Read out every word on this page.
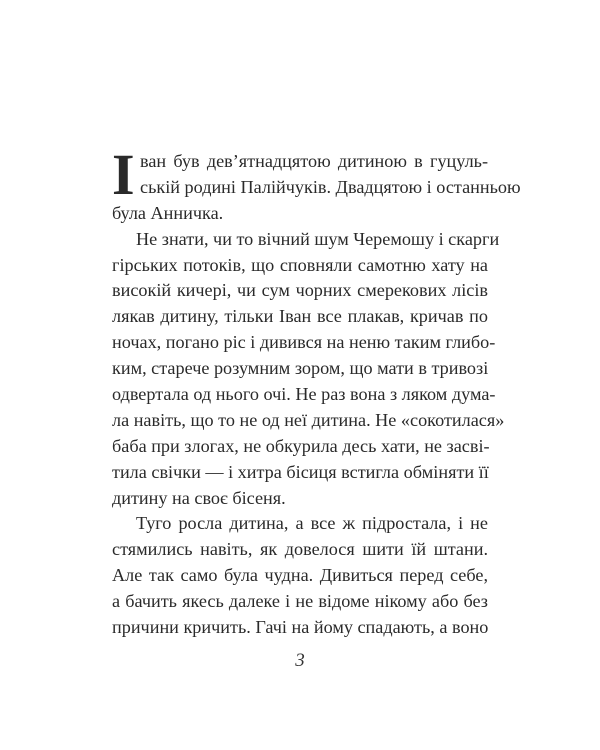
І ван був дев’ятнадцятою дитиною в гуцуль-
ській родині Палійчуків. Двадцятою і останньою
була Анничка.
Не знати, чи то вічний шум Черемошу і скарги
гірських потоків, що сповняли самотню хату на
високій кичері, чи сум чорних смерекових лісів
лякав дитину, тільки Іван все плакав, кричав по
ночах, погано ріс і дивився на неню таким глибо-
ким, старече розумним зором, що мати в тривозі
одвертала од нього очі. Не раз вона з ляком дума-
ла навіть, що то не од неї дитина. Не «сокотилася»
баба при злогах, не обкурила десь хати, не засві-
тила свічки — і хитра бісиця встигла обміняти її
дитину на своє бісеня.
Туго росла дитина, а все ж підростала, і не
стямились навіть, як довелося шити їй штани.
Але так само була чудна. Дивиться перед себе,
а бачить якесь далеке і не відоме нікому або без
причини кричить. Гачі на йому спадають, а воно
3
